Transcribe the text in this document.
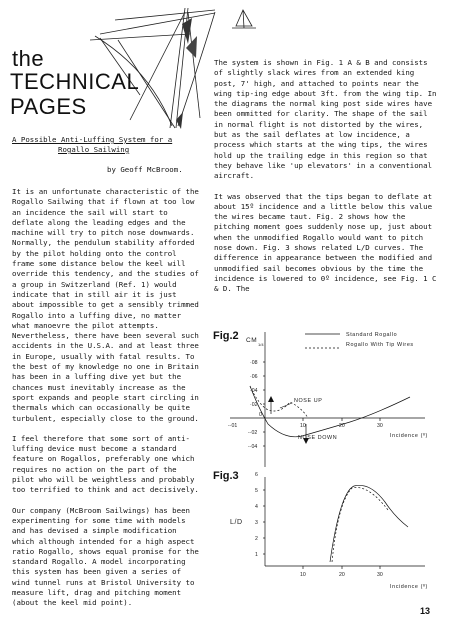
the
TECHNICAL
PAGES
A Possible Anti-Luffing System for a
Rogallo Sailwing
by Geoff McBroom.

It is an unfortunate characteristic of the Rogallo Sailwing that if flown at too low an incidence the sail will start to deflate along the leading edges and the machine will try to pitch nose downwards. Normally, the pendulum stability afforded by the pilot holding onto the control frame some distance below the keel will override this tendency, and the studies of a group in Switzerland (Ref. 1) would indicate that in still air it is just about impossible to get a sensibly trimmed Rogallo into a luffing dive, no matter what manoevre the pilot attempts. Nevertheless, there have been several such accidents in the U.S.A. and at least three in Europe, usually with fatal results. To the best of my knowledge no one in Britain has been in a luffing dive yet but the chances must inevitably increase as the sport expands and people start circling in thermals which can occasionally be quite turbulent, especially close to the ground.

I feel therefore that some sort of anti-luffing device must become a standard feature on Rogallos, preferably one which requires no action on the part of the pilot who will be weightless and probably too terrified to think and act decisively.

Our company (McBroom Sailwings) has been experimenting for some time with models and has devised a simple modification which although intended for a high aspect ratio Rogallo, shows equal promise for the standard Rogallo. A model incorporating this system has been given a series of wind tunnel runs at Bristol University to measure lift, drag and pitching moment (about the keel mid point).

The system is shown in Fig. 1 A & B and consists of slightly slack wires from an extended king post, 7' high, and attached to points near the wing tip-ing edge about 3ft. from the wing tip. In the diagrams the normal king post side wires have been ommitted for clarity. The shape of the sail in normal flight is not distorted by the wires, but as the sail deflates at low incidence, a process which starts at the wing tips, the wires hold up the trailing edge in this region so that they behave like 'up elevators' in a conventional aircraft.

It was observed that the tips began to deflate at about 15º incidence and a little below this value the wires became taut. Fig. 2 shows how the pitching moment goes suddenly nose up, just about when the unmodified Rogallo would want to pitch nose down. Fig. 3 shows related L/D curves. The difference in appearance between the modified and unmodified sail becomes obvious by the time the incidence is lowered to 0º incidence, see Fig. 1 C & D. The

Fig.2 CM
1/4
·08
·06
·04
·02
0
-·02
-·04
-·01	10	20	30
Incidence (º)
Standard Rogallo
Rogallo With Tip Wires
NOSE UP
NOSE DOWN
Fig.3
L/D
6
5
4
3
2
1
10	20	30
Incidence (º)
13
